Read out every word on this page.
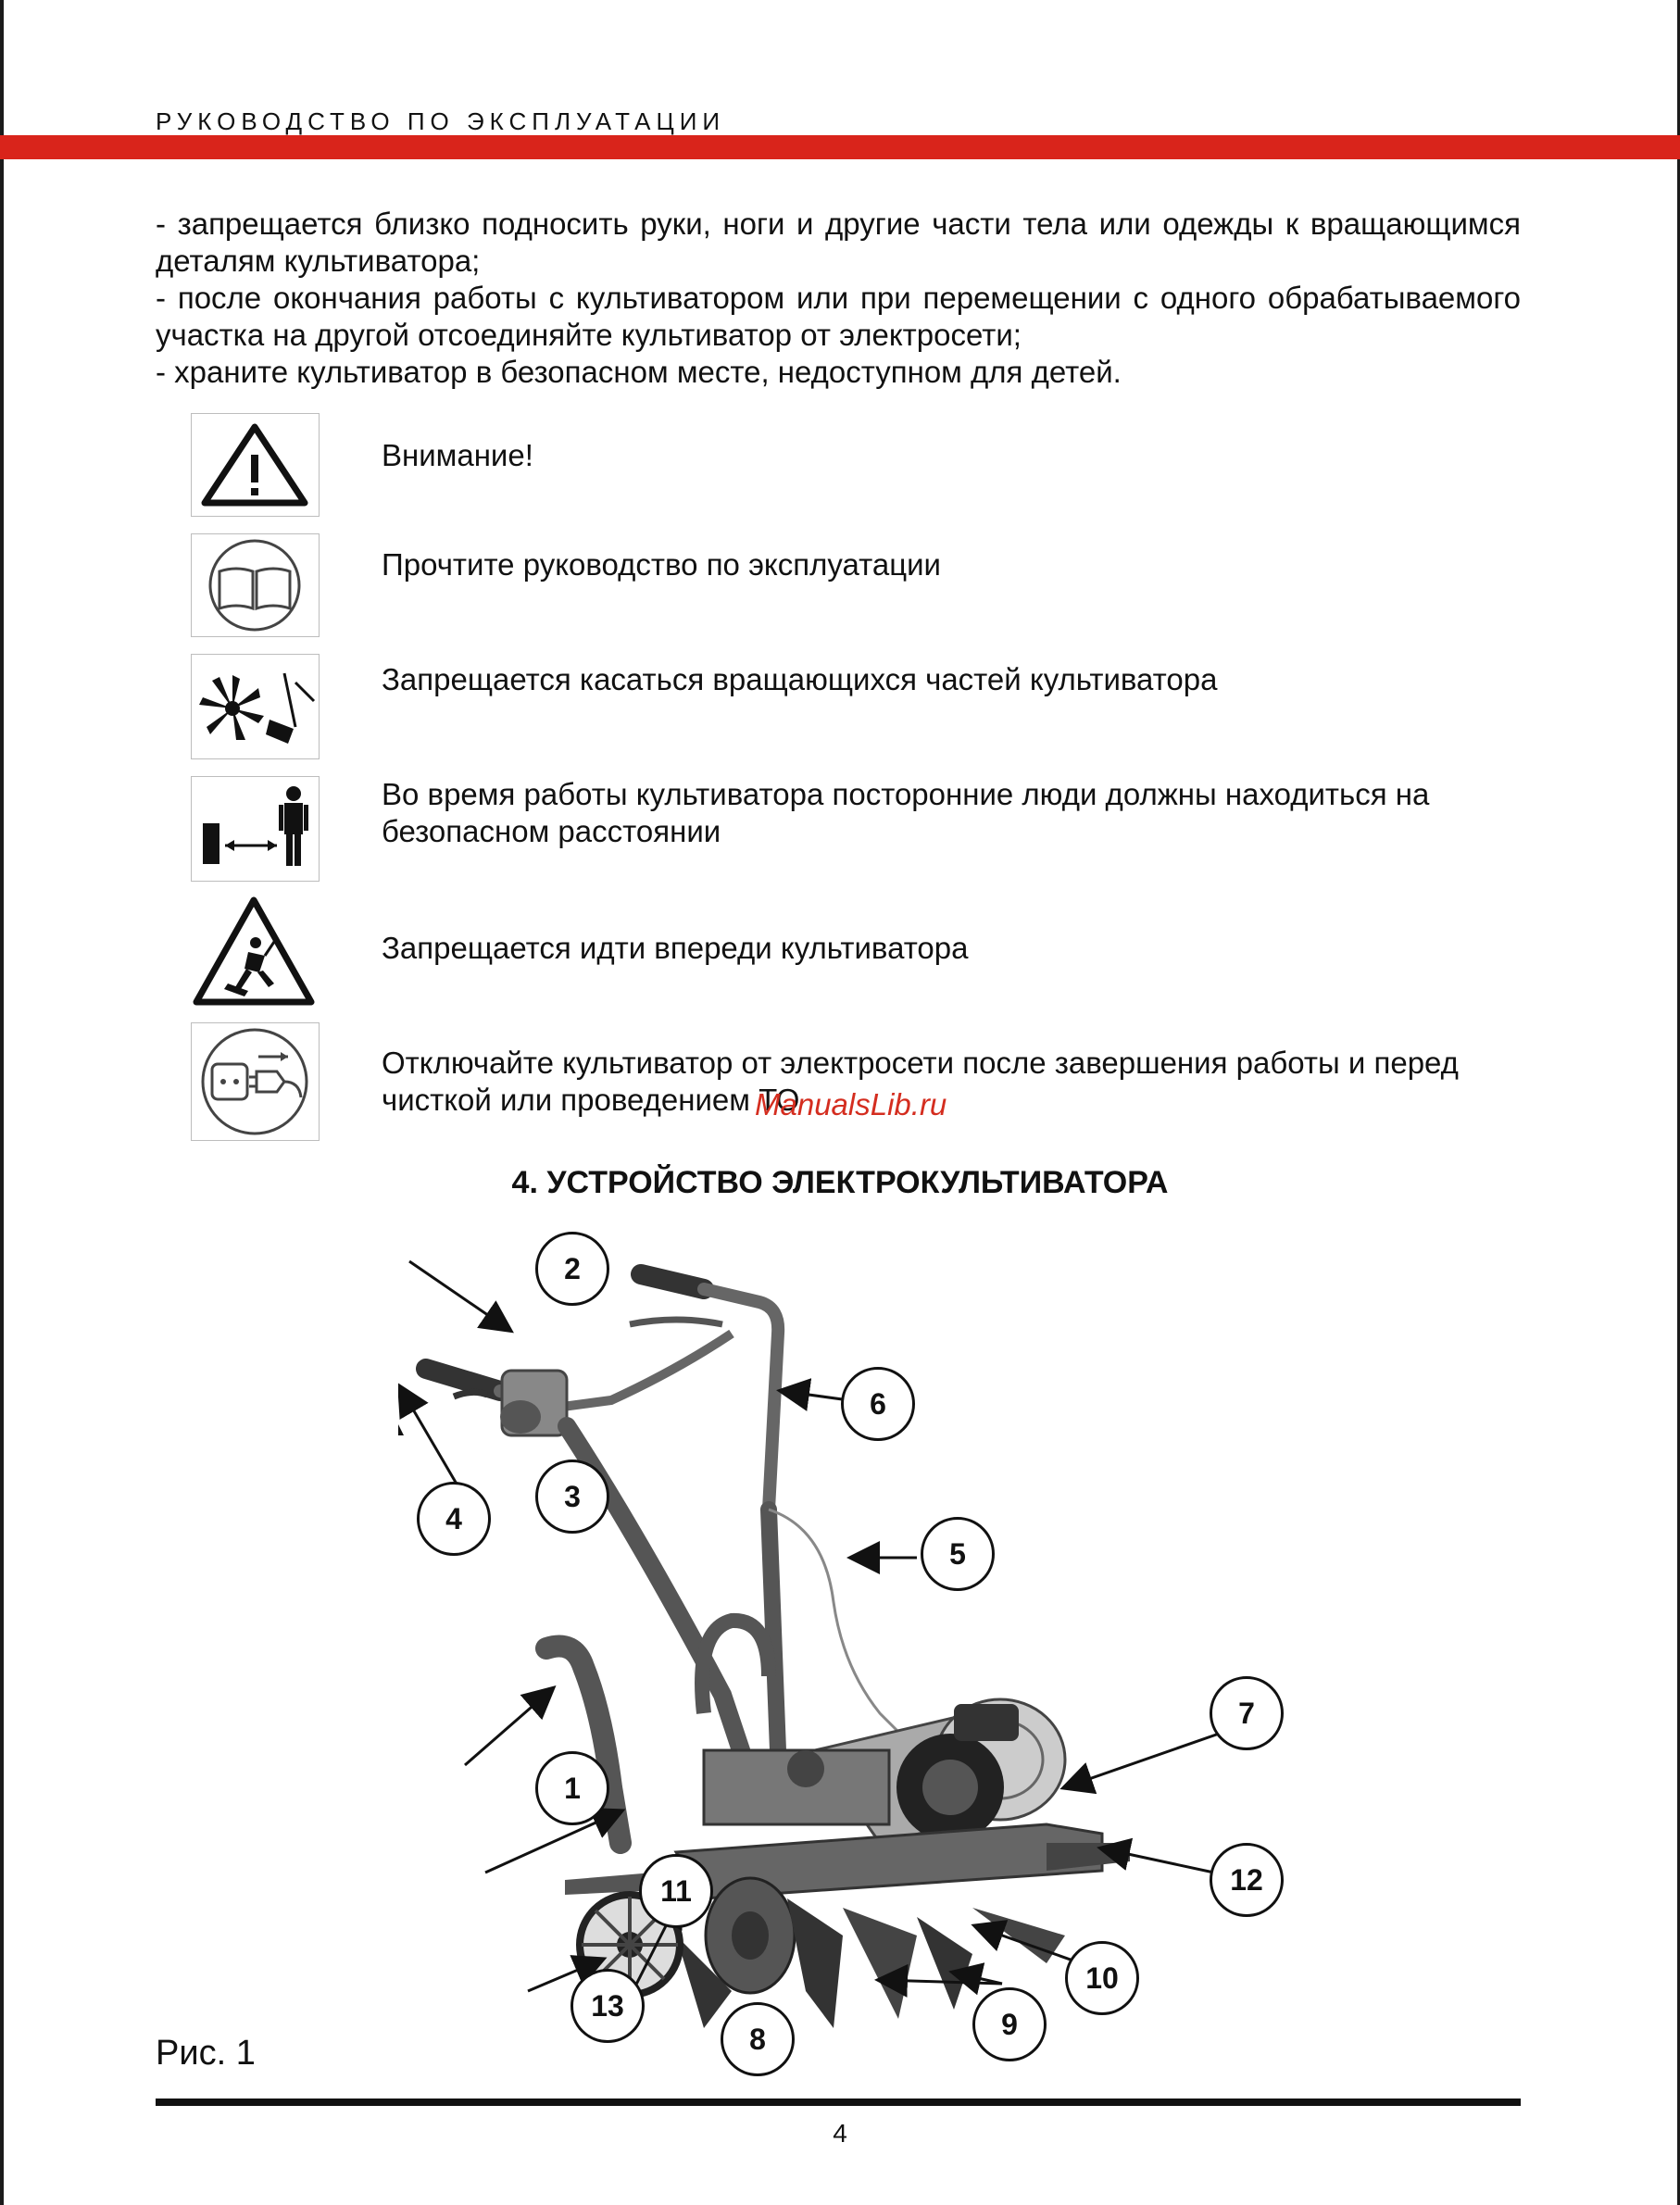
РУКОВОДСТВО ПО ЭКСПЛУАТАЦИИ

- запрещается близко подносить руки, ноги и другие части тела или одежды к вращающимся деталям культиватора;

- после окончания работы с культиватором или при перемещении с одного обрабатываемого участка на другой отсоединяйте культиватор от электросети;

- храните культиватор в безопасном месте, недоступном для детей.

Внимание!
Прочтите руководство по эксплуатации
Запрещается касаться вращающихся частей культиватора
Во время работы культиватора посторонние люди должны находиться на безопасном расстоянии
Запрещается идти впереди культиватора
Отключайте культиватор от электросети после завершения работы и перед чисткой или проведением ТО
ManualsLib.ru
4. УСТРОЙСТВО ЭЛЕКТРОКУЛЬТИВАТОРА
1
2
3
4
5
6
7
8	9
10
11	12
13
Рис. 1
4
